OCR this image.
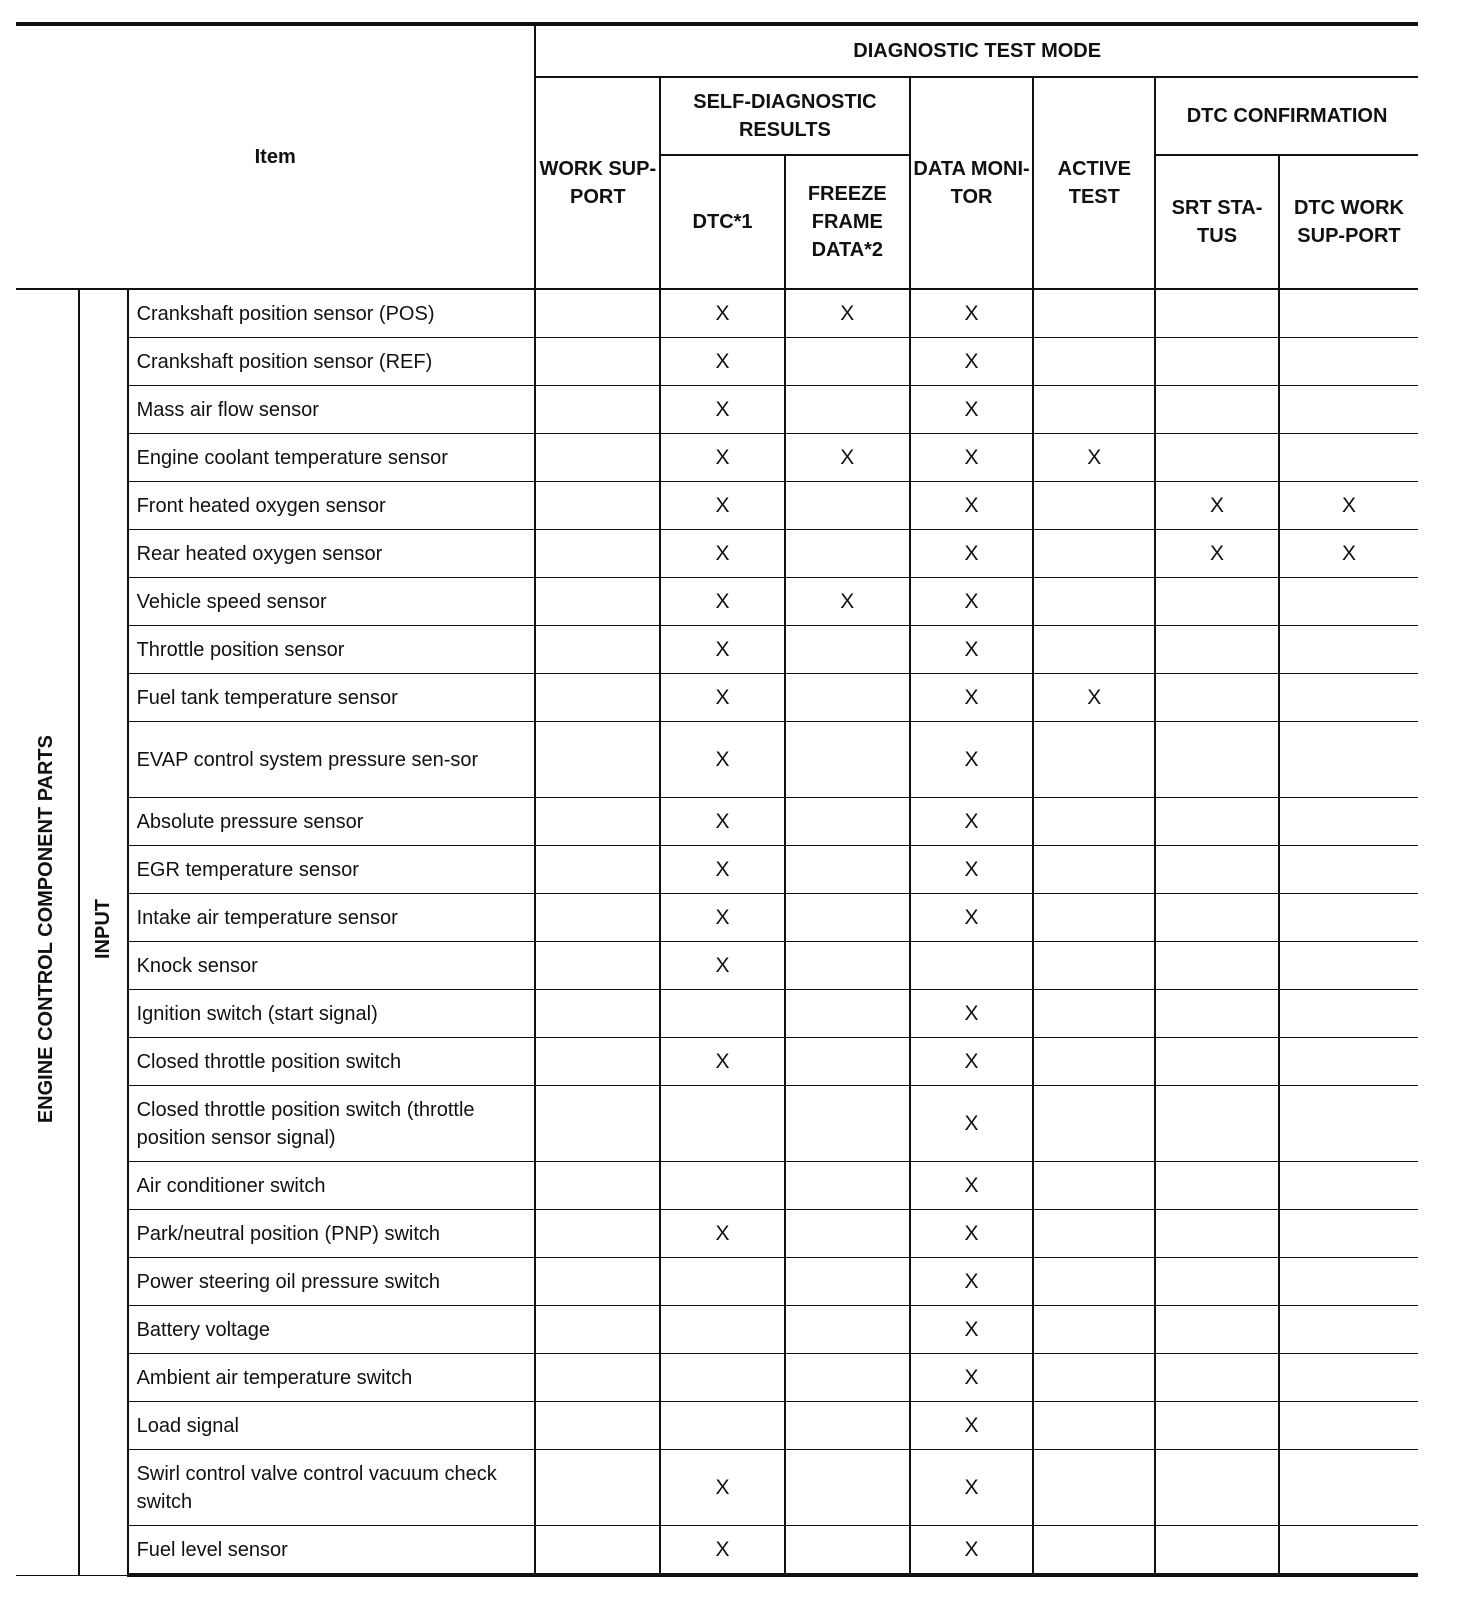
Item			DIAGNOSTIC TEST MODE						
			WORK SUP-PORT	SELF-DIAGNOSTIC RESULTS		DATA MONI-TOR	ACTIVE TEST	DTC CONFIRMATION	
				DTC*1	FREEZE FRAME DATA*2			SRT STA-TUS	DTC WORK SUP-PORT
ENGINE CONTROL COMPONENT PARTS	INPUT	Crankshaft position sensor (POS)		X	X	X			
		Crankshaft position sensor (REF)		X		X			
		Mass air flow sensor		X		X			
		Engine coolant temperature sensor		X	X	X	X		
		Front heated oxygen sensor		X		X		X	X
		Rear heated oxygen sensor		X		X		X	X
		Vehicle speed sensor		X	X	X			
		Throttle position sensor		X		X			
		Fuel tank temperature sensor		X		X	X		
		EVAP control system pressure sen-sor		X		X			
		Absolute pressure sensor		X		X			
		EGR temperature sensor		X		X			
		Intake air temperature sensor		X		X			
		Knock sensor		X					
		Ignition switch (start signal)				X			
		Closed throttle position switch		X		X			
		Closed throttle position switch (throttle position sensor signal)				X			
		Air conditioner switch				X			
		Park/neutral position (PNP) switch		X		X			
		Power steering oil pressure switch				X			
		Battery voltage				X			
		Ambient air temperature switch				X			
		Load signal				X			
		Swirl control valve control vacuum check switch		X		X			
		Fuel level sensor		X		X			
